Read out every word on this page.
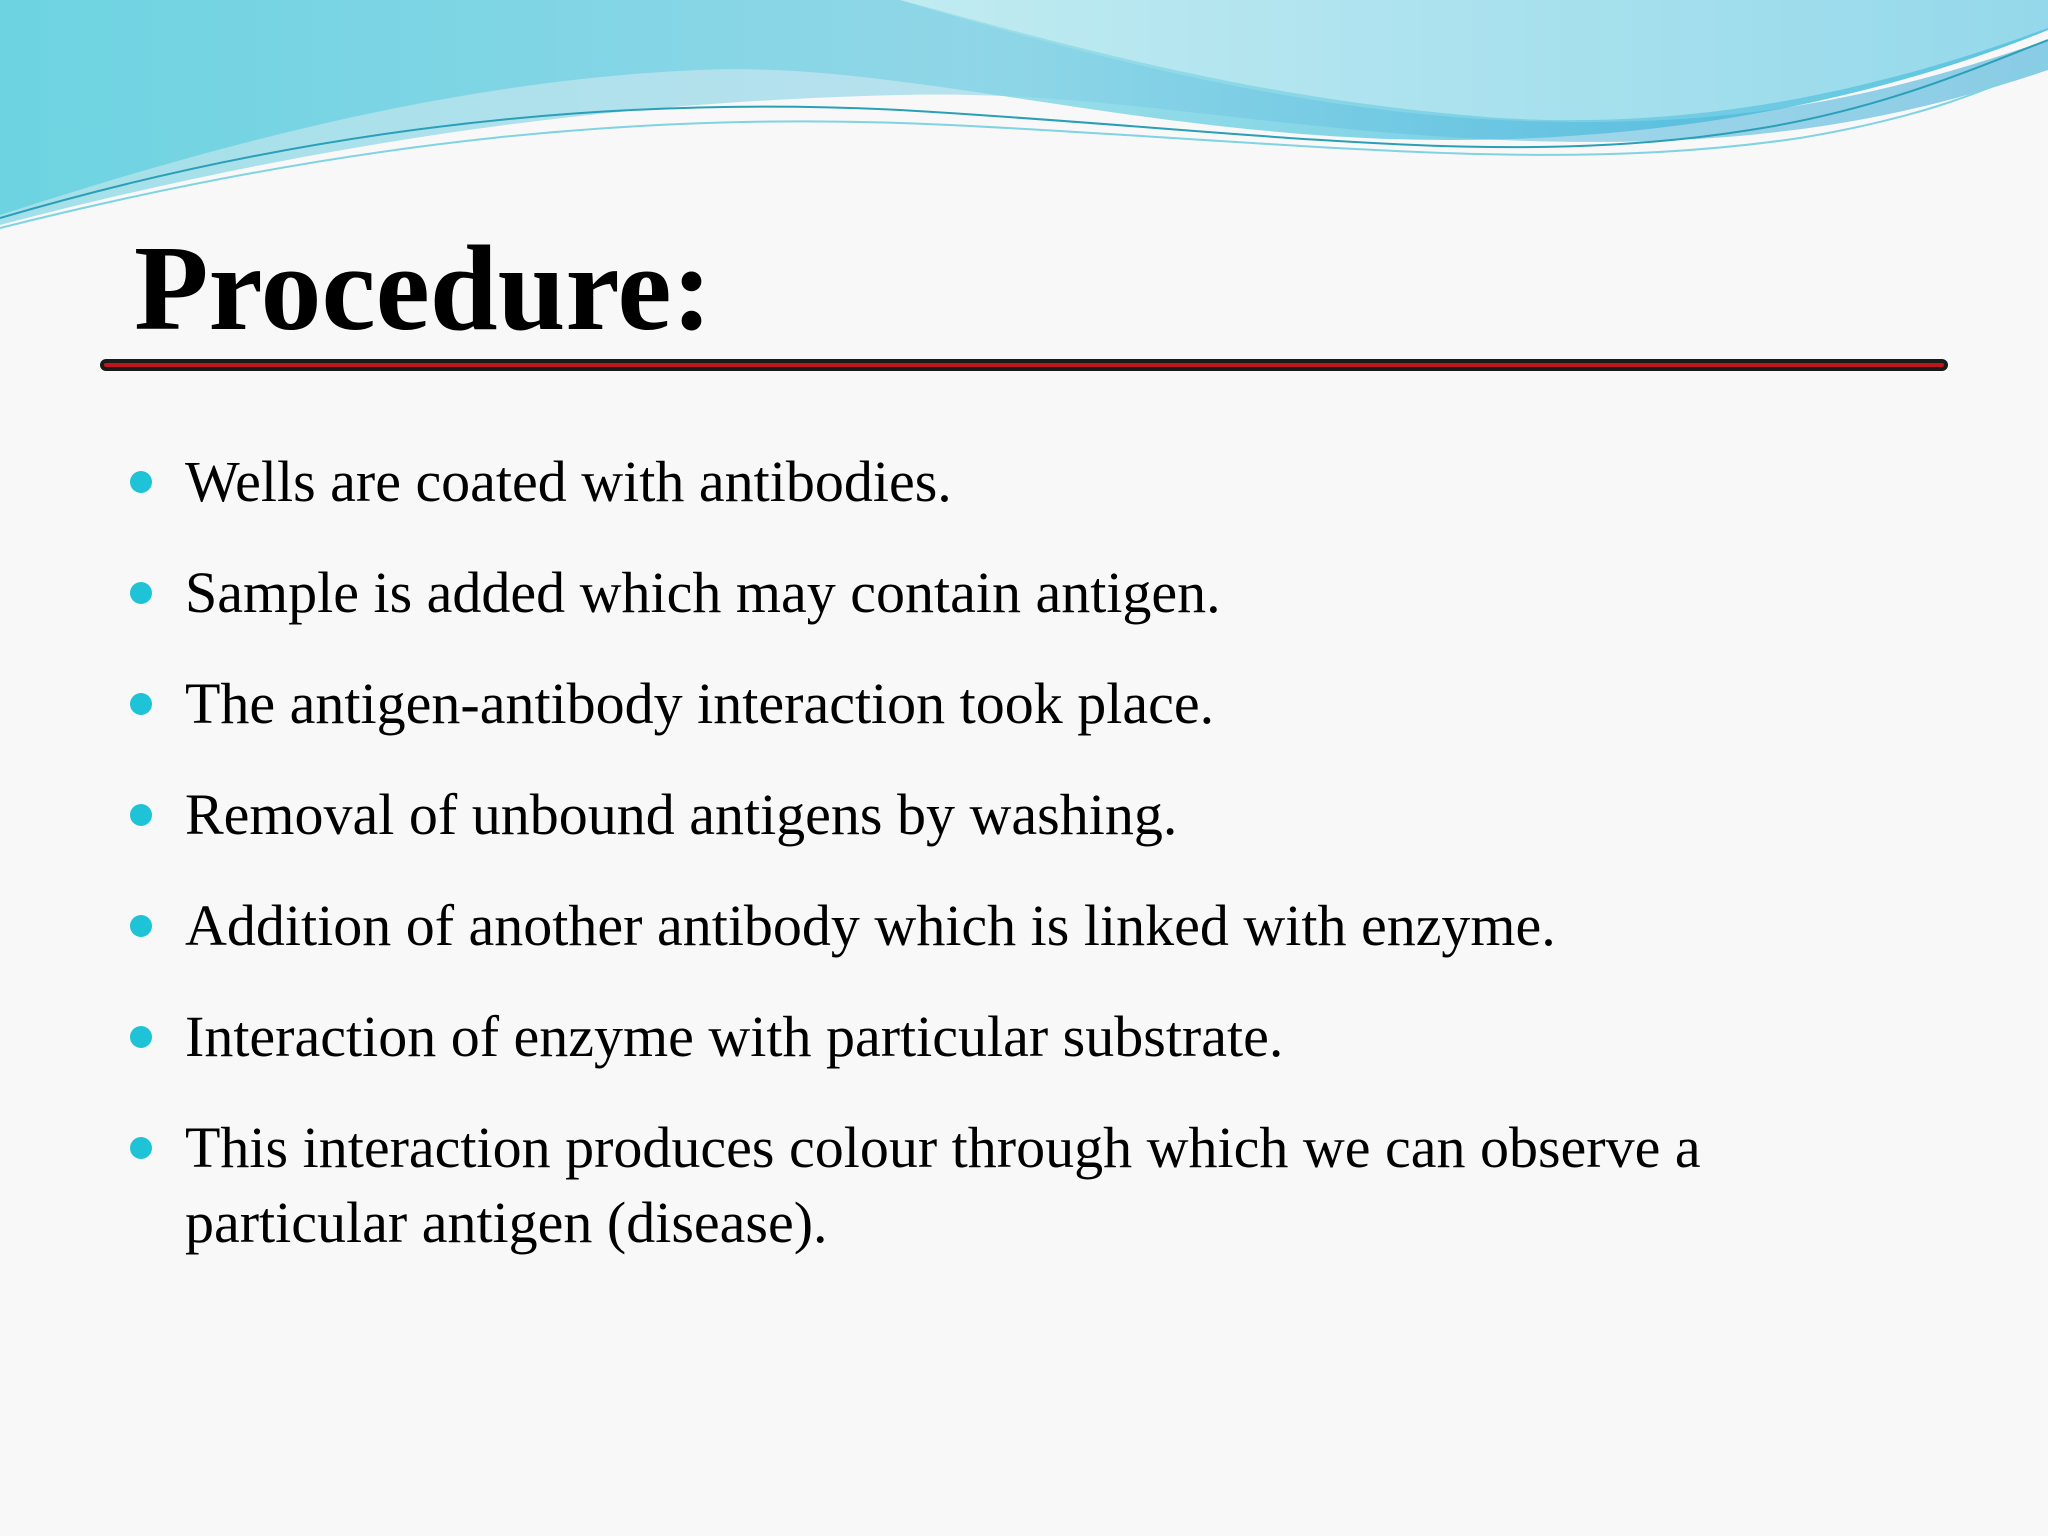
Procedure:
Wells are coated with antibodies.
Sample is added which may contain antigen.
The antigen-antibody interaction took place.
Removal of unbound antigens by washing.
Addition of another antibody which is linked with enzyme.
Interaction of enzyme with particular substrate.
This interaction produces colour through which we can observe a particular antigen (disease).
